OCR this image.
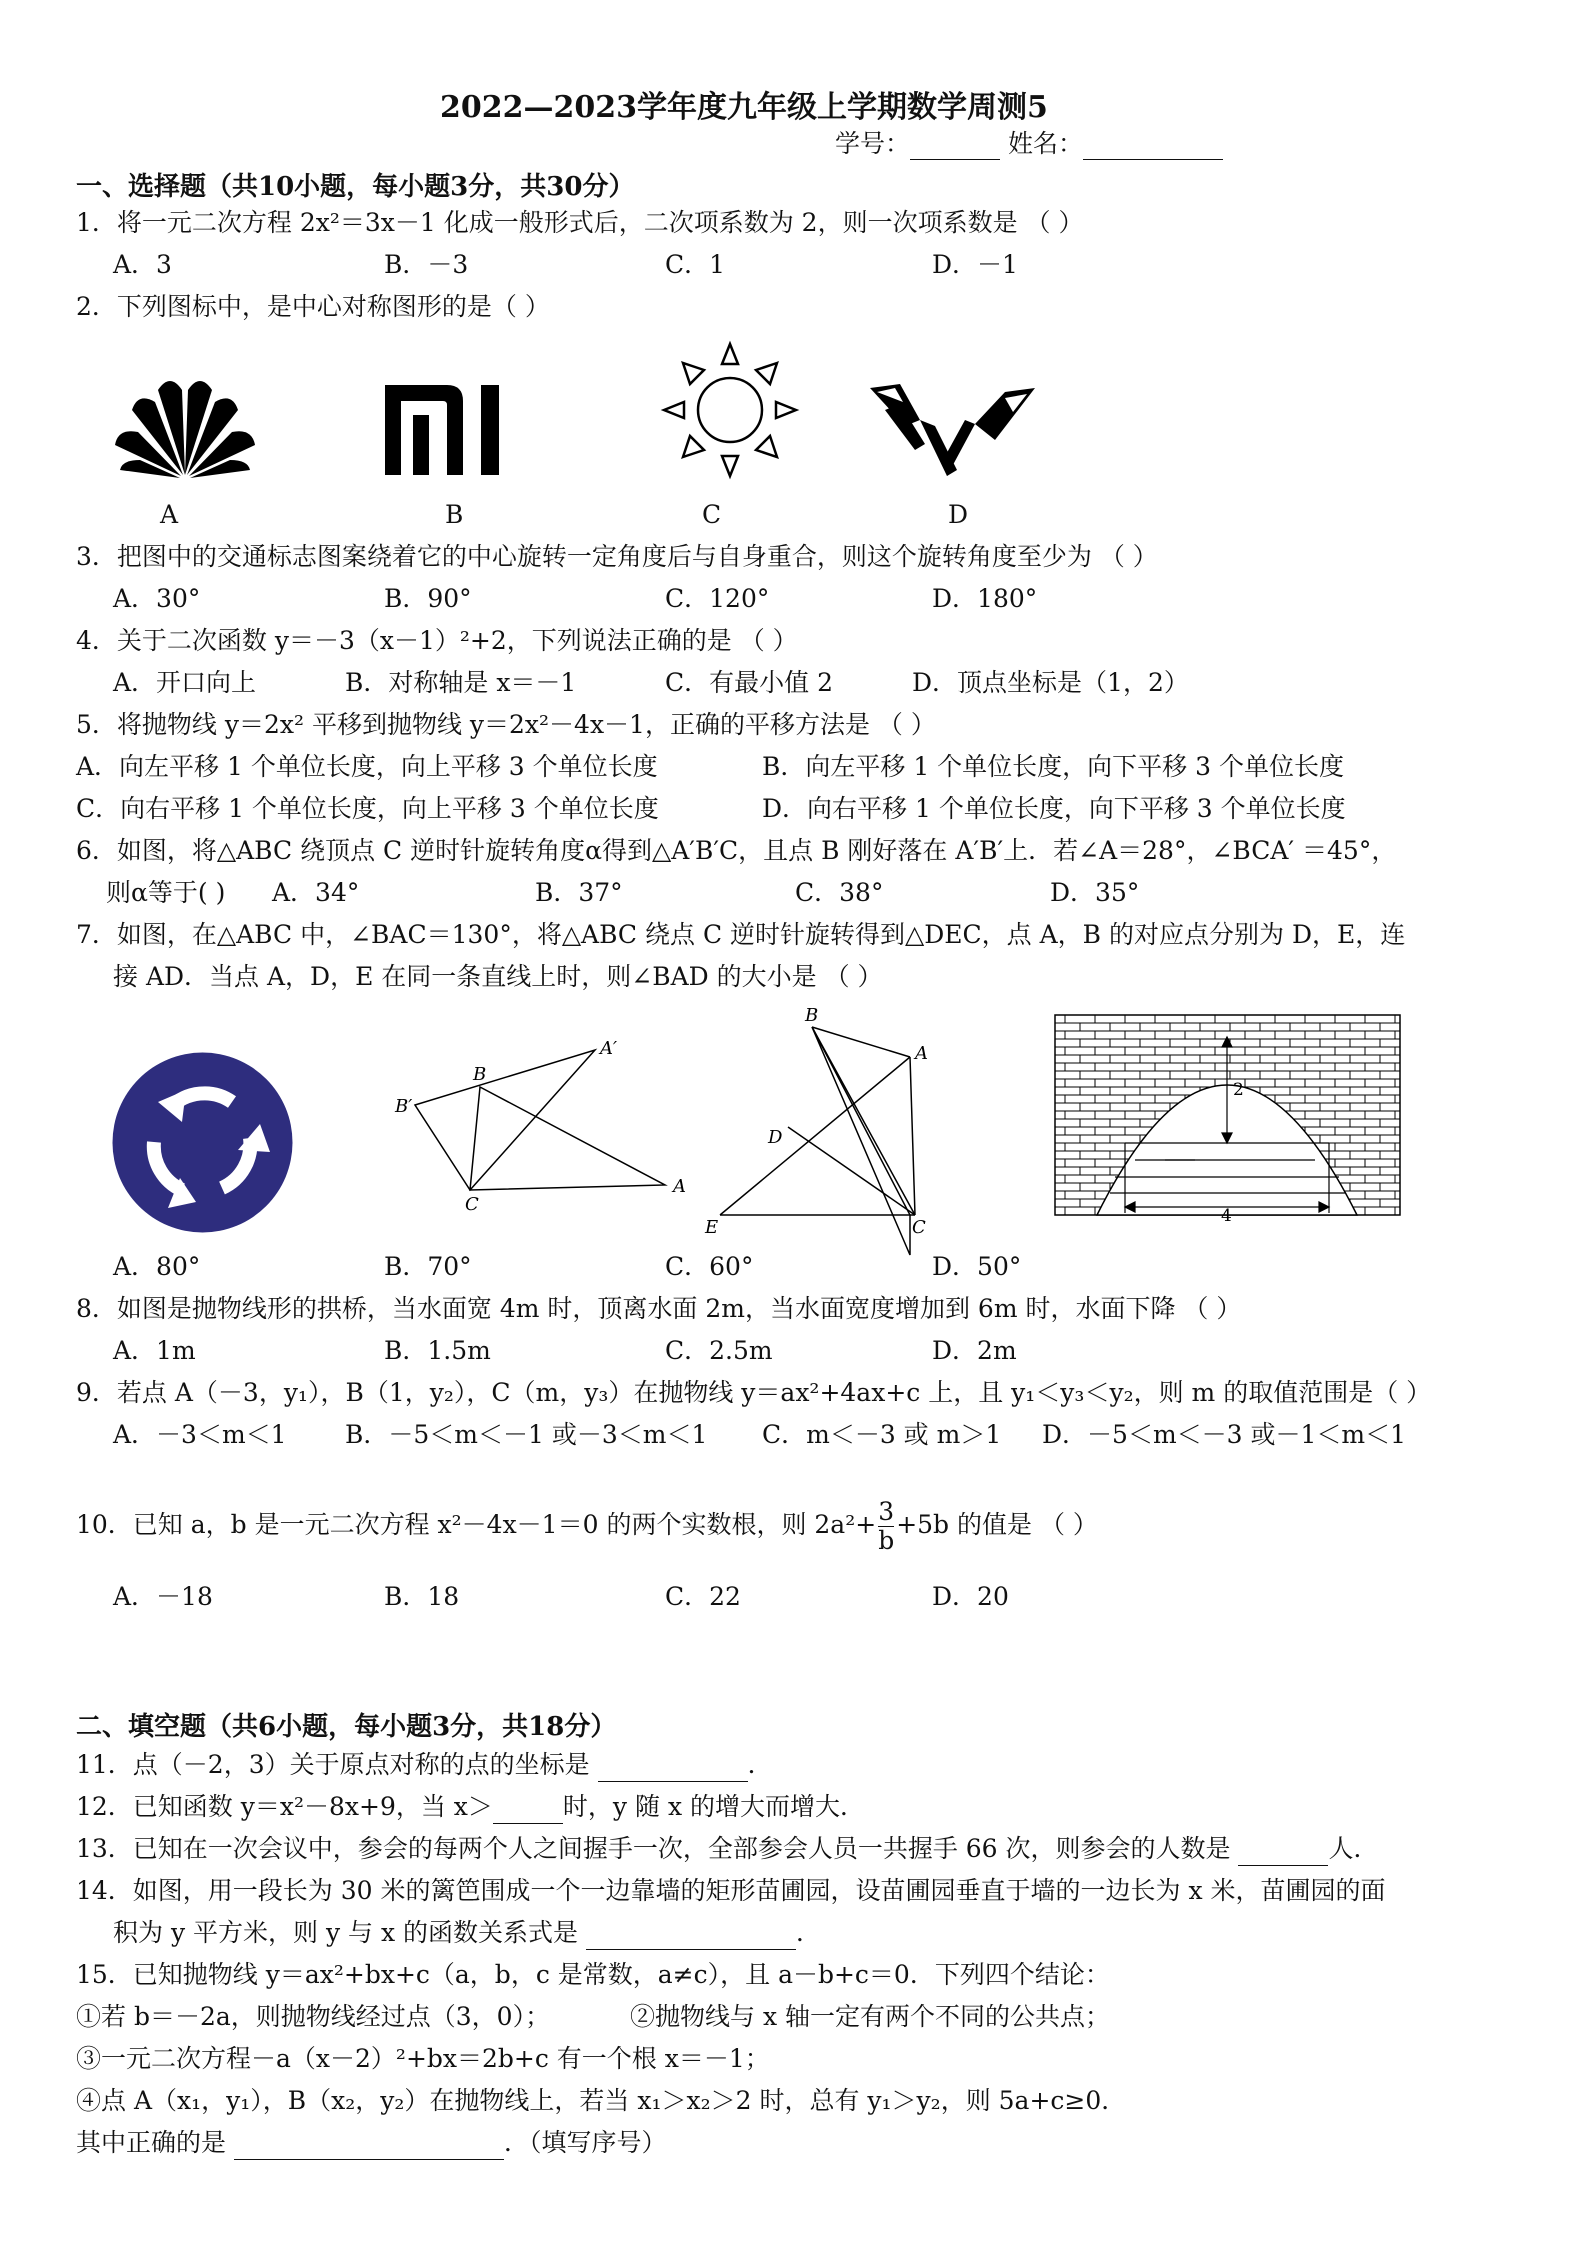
2022—2023学年度九年级上学期数学周测5
学号：	姓名：
一、选择题（共10小题，每小题3分，共30分）
1．将一元二次方程 2x²＝3x－1 化成一般形式后，二次项系数为 2，则一次项系数是 （ ）
A．3	B．－3	C．1	D．－1
2．下列图标中，是中心对称图形的是（ ）
A	B	C	D
3．把图中的交通标志图案绕着它的中心旋转一定角度后与自身重合，则这个旋转角度至少为 （ ）
A．30°	B．90°	C．120°	D．180°
4．关于二次函数 y＝－3（x－1）²+2，下列说法正确的是 （ ）
A．开口向上	B．对称轴是 x＝－1	C．有最小值 2	D．顶点坐标是（1，2）
5．将抛物线 y＝2x² 平移到抛物线 y＝2x²－4x－1，正确的平移方法是 （ ）
A．向左平移 1 个单位长度，向上平移 3 个单位长度	B．向左平移 1 个单位长度，向下平移 3 个单位长度
C．向右平移 1 个单位长度，向上平移 3 个单位长度	D．向右平移 1 个单位长度，向下平移 3 个单位长度
6．如图，将△ABC 绕顶点 C 逆时针旋转角度α得到△A′B′C，且点 B 刚好落在 A′B′上．若∠A＝28°，∠BCA′ ＝45°，
则α等于( ) A．34°	B．37°	C．38°	D．35°
7．如图，在△ABC 中，∠BAC＝130°，将△ABC 绕点 C 逆时针旋转得到△DEC，点 A，B 的对应点分别为 D，E，连
接 AD．当点 A，D，E 在同一条直线上时，则∠BAD 的大小是 （ ）
A′
B
B′
C
A
B
A
D
E	C
2
4
A．80°	B．70°	C．60°	D．50°
8．如图是抛物线形的拱桥，当水面宽 4m 时，顶离水面 2m，当水面宽度增加到 6m 时，水面下降 （ ）
A．1m	B．1.5m	C．2.5m	D．2m
9．若点 A（－3，y₁），B（1，y₂），C（m，y₃）在抛物线 y＝ax²+4ax+c 上，且 y₁＜y₃＜y₂，则 m 的取值范围是（ ）
A．－3＜m＜1 B．－5＜m＜－1 或－3＜m＜1 C．m＜－3 或 m＞1 D．－5＜m＜－3 或－1＜m＜1
10．已知 a，b 是一元二次方程 x²－4x－1＝0 的两个实数根，则 $2a^2+ \frac{3}{b} +5b$ 的值是 （ ）
A．－18	B．18	C．22	D．20
二、填空题（共6小题，每小题3分，共18分）
11．点（－2，3）关于原点对称的点的坐标是	．
12．已知函数 y＝x²－8x+9，当 x＞	时，y 随 x 的增大而增大．
13．已知在一次会议中，参会的每两个人之间握手一次，全部参会人员一共握手 66 次，则参会的人数是	人．
14．如图，用一段长为 30 米的篱笆围成一个一边靠墙的矩形苗圃园，设苗圃园垂直于墙的一边长为 x 米，苗圃园的面
积为 y 平方米，则 y 与 x 的函数关系式是	．
15．已知抛物线 y＝ax²+bx+c（a，b，c 是常数，a≠c），且 a－b+c＝0．下列四个结论：
①若 b＝－2a，则抛物线经过点（3，0）；	②抛物线与 x 轴一定有两个不同的公共点；
③一元二次方程－a（x－2）²+bx＝2b+c 有一个根 x＝－1；
④点 A（x₁，y₁），B（x₂，y₂）在抛物线上，若当 x₁＞x₂＞2 时，总有 y₁＞y₂，则 5a+c≥0．
其中正确的是	．（填写序号）
